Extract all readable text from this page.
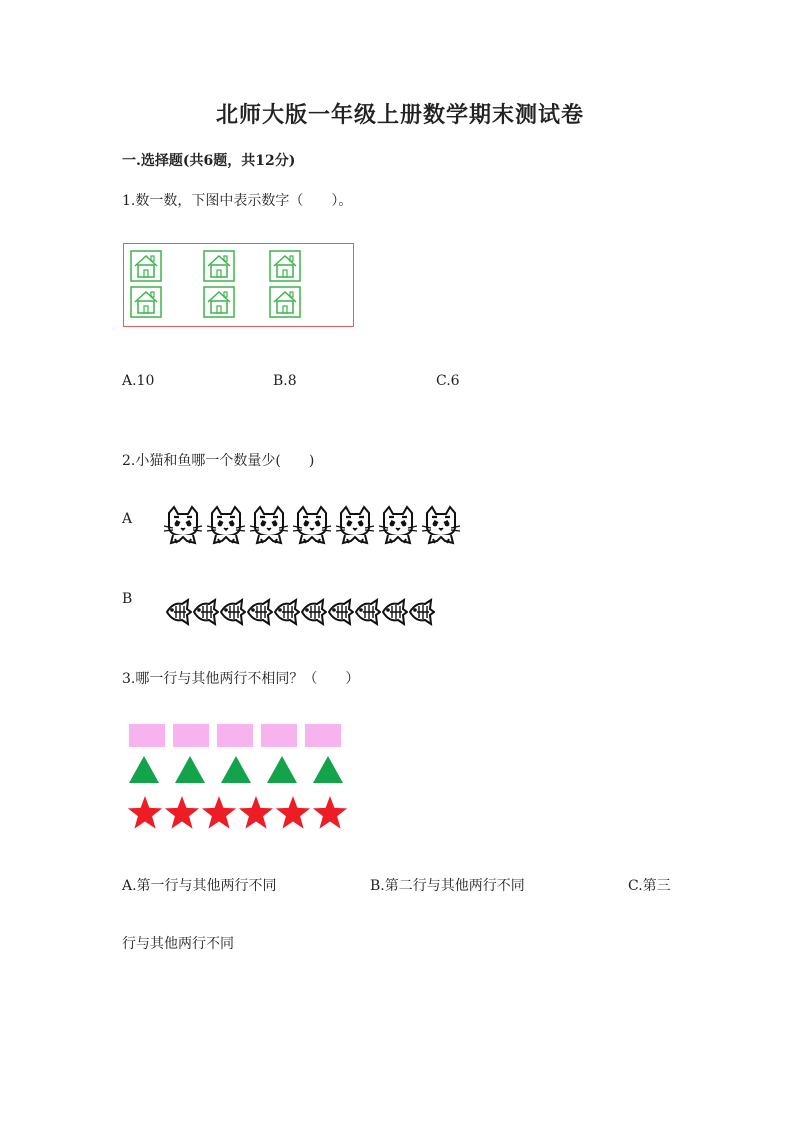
北师大版一年级上册数学期末测试卷
一.选择题(共6题，共12分)
1.数一数，下图中表示数字（　　）。
A.10	B.8	C.6
2.小猫和鱼哪一个数量少(　　)
A
B
3.哪一行与其他两行不相同？（　　）
A.第一行与其他两行不同	B.第二行与其他两行不同	C.第三
行与其他两行不同
